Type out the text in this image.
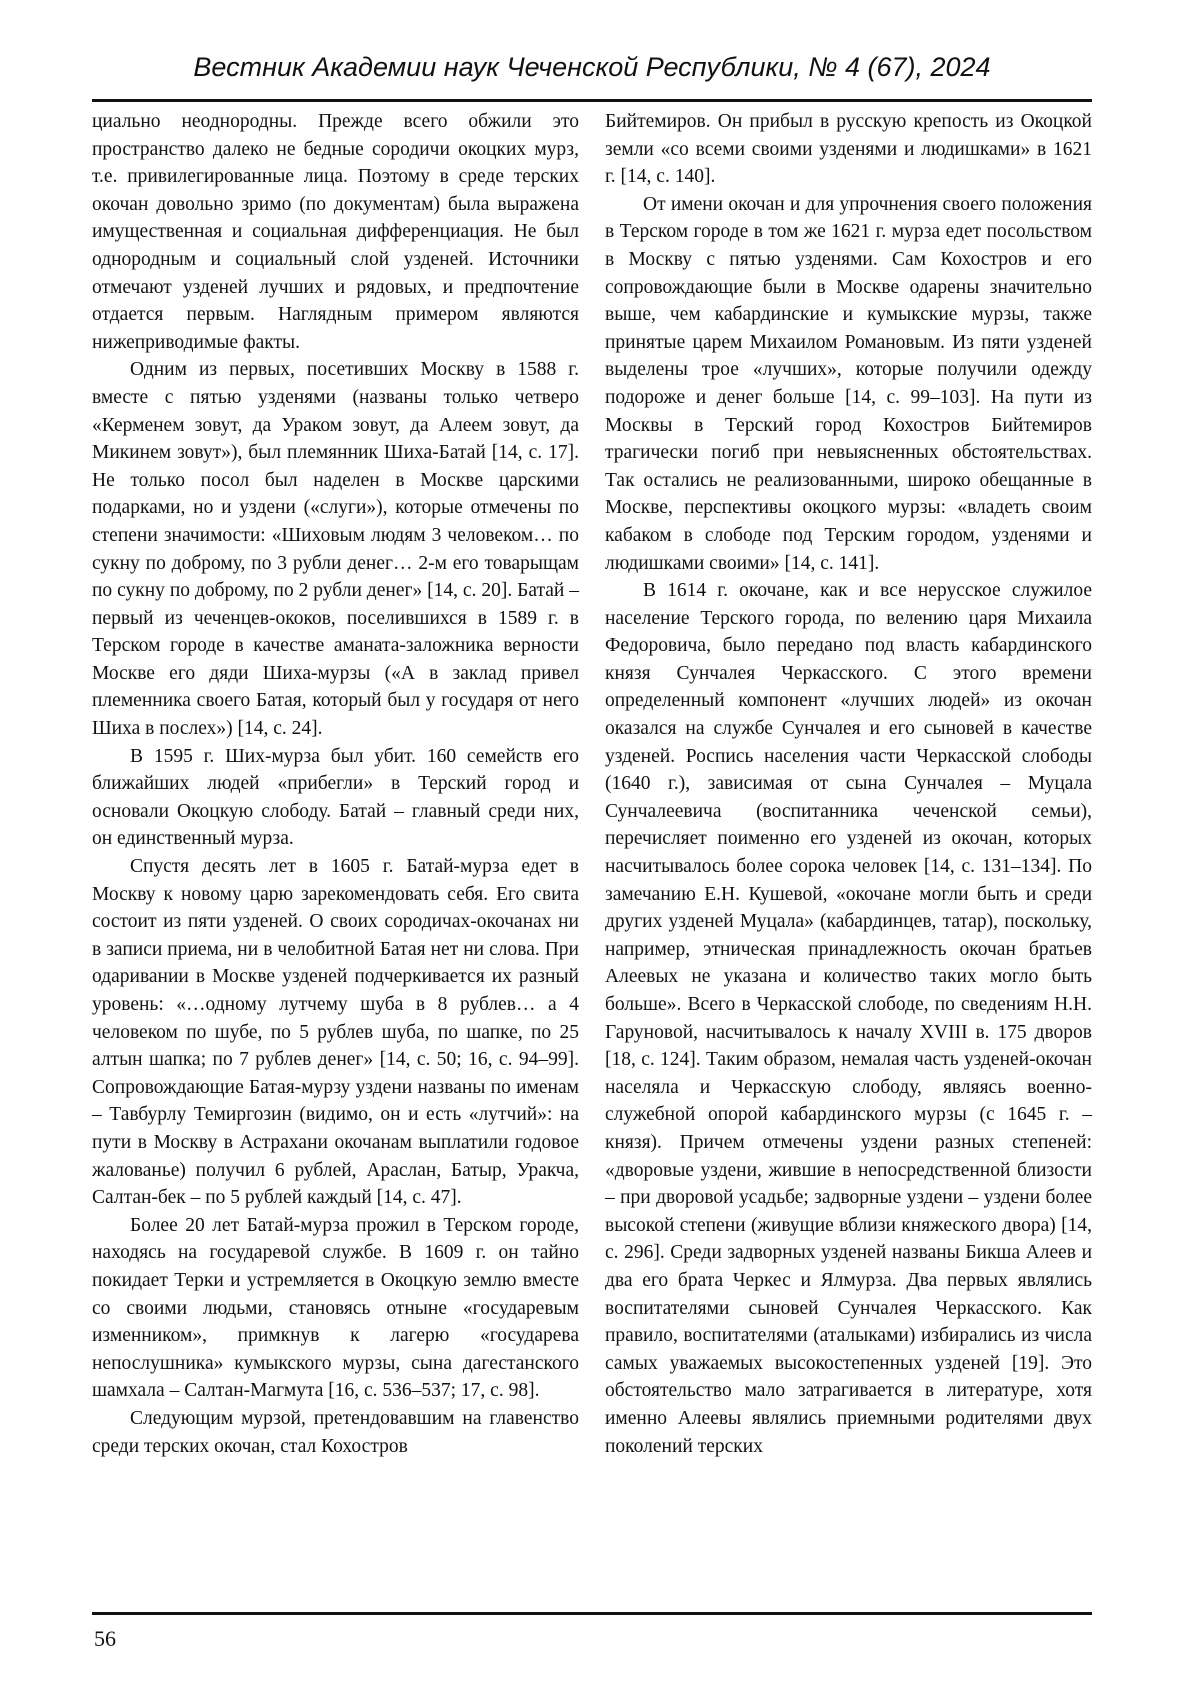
Вестник Академии наук Чеченской Республики, № 4 (67), 2024

циально неоднородны. Прежде всего обжили это пространство далеко не бедные сородичи окоцких мурз, т.е. привилегированные лица. Поэтому в среде терских окочан довольно зримо (по документам) была выражена имущественная и социальная дифференциация. Не был однородным и социальный слой узденей. Источники отмечают узденей лучших и рядовых, и предпочтение отдается первым. Наглядным примером являются нижеприводимые факты.

Одним из первых, посетивших Москву в 1588 г. вместе с пятью узденями (названы только четверо «Керменем зовут, да Ураком зовут, да Алеем зовут, да Микинем зовут»), был племянник Шиха-Батай [14, с. 17]. Не только посол был наделен в Москве царскими подарками, но и уздени («слуги»), которые отмечены по степени значимости: «Шиховым людям 3 человеком… по сукну по доброму, по 3 рубли денег… 2-м его товарыщам по сукну по доброму, по 2 рубли денег» [14, с. 20]. Батай – первый из чеченцев-ококов, поселившихся в 1589 г. в Терском городе в качестве аманата-заложника верности Москве его дяди Шиха-мурзы («А в заклад привел племенника своего Батая, который был у государя от него Шиха в послех») [14, с. 24].

В 1595 г. Ших-мурза был убит. 160 семейств его ближайших людей «прибегли» в Терский город и основали Окоцкую слободу. Батай – главный среди них, он единственный мурза.

Спустя десять лет в 1605 г. Батай-мурза едет в Москву к новому царю зарекомендовать себя. Его свита состоит из пяти узденей. О своих сородичах-окочанах ни в записи приема, ни в челобитной Батая нет ни слова. При одаривании в Москве узденей подчеркивается их разный уровень: «…одному лутчему шуба в 8 рублев… а 4 человеком по шубе, по 5 рублев шуба, по шапке, по 25 алтын шапка; по 7 рублев денег» [14, с. 50; 16, с. 94–99]. Сопровождающие Батая-мурзу уздени названы по именам – Тавбурлу Темиргозин (видимо, он и есть «лутчий»: на пути в Москву в Астрахани окочанам выплатили годовое жалованье) получил 6 рублей, Араслан, Батыр, Уракча, Салтан-бек – по 5 рублей каждый [14, с. 47].

Более 20 лет Батай-мурза прожил в Терском городе, находясь на государевой службе. В 1609 г. он тайно покидает Терки и устремляется в Окоцкую землю вместе со своими людьми, становясь отныне «государевым изменником», примкнув к лагерю «государева непослушника» кумыкского мурзы, сына дагестанского шамхала – Салтан-Магмута [16, с. 536–537; 17, с. 98].

Следующим мурзой, претендовавшим на главенство среди терских окочан, стал Кохостров

Бийтемиров. Он прибыл в русскую крепость из Окоцкой земли «со всеми своими узденями и людишками» в 1621 г. [14, с. 140].

От имени окочан и для упрочнения своего положения в Терском городе в том же 1621 г. мурза едет посольством в Москву с пятью узденями. Сам Кохостров и его сопровождающие были в Москве одарены значительно выше, чем кабардинские и кумыкские мурзы, также принятые царем Михаилом Романовым. Из пяти узденей выделены трое «лучших», которые получили одежду подороже и денег больше [14, с. 99–103]. На пути из Москвы в Терский город Кохостров Бийтемиров трагически погиб при невыясненных обстоятельствах. Так остались не реализованными, широко обещанные в Москве, перспективы окоцкого мурзы: «владеть своим кабаком в слободе под Терским городом, узденями и людишками своими» [14, с. 141].

В 1614 г. окочане, как и все нерусское служилое население Терского города, по велению царя Михаила Федоровича, было передано под власть кабардинского князя Сунчалея Черкасского. С этого времени определенный компонент «лучших людей» из окочан оказался на службе Сунчалея и его сыновей в качестве узденей. Роспись населения части Черкасской слободы (1640 г.), зависимая от сына Сунчалея – Муцала Сунчалеевича (воспитанника чеченской семьи), перечисляет поименно его узденей из окочан, которых насчитывалось более сорока человек [14, с. 131–134]. По замечанию Е.Н. Кушевой, «окочане могли быть и среди других узденей Муцала» (кабардинцев, татар), поскольку, например, этническая принадлежность окочан братьев Алеевых не указана и количество таких могло быть больше». Всего в Черкасской слободе, по сведениям Н.Н. Гаруновой, насчитывалось к началу XVIII в. 175 дворов [18, с. 124]. Таким образом, немалая часть узденей-окочан населяла и Черкасскую слободу, являясь военно-служебной опорой кабардинского мурзы (с 1645 г. – князя). Причем отмечены уздени разных степеней: «дворовые уздени, жившие в непосредственной близости – при дворовой усадьбе; задворные уздени – уздени более высокой степени (живущие вблизи княжеского двора) [14, с. 296]. Среди задворных узденей названы Бикша Алеев и два его брата Черкес и Ялмурза. Два первых являлись воспитателями сыновей Сунчалея Черкасского. Как правило, воспитателями (аталыками) избирались из числа самых уважаемых высокостепенных узденей [19]. Это обстоятельство мало затрагивается в литературе, хотя именно Алеевы являлись приемными родителями двух поколений терских

56
